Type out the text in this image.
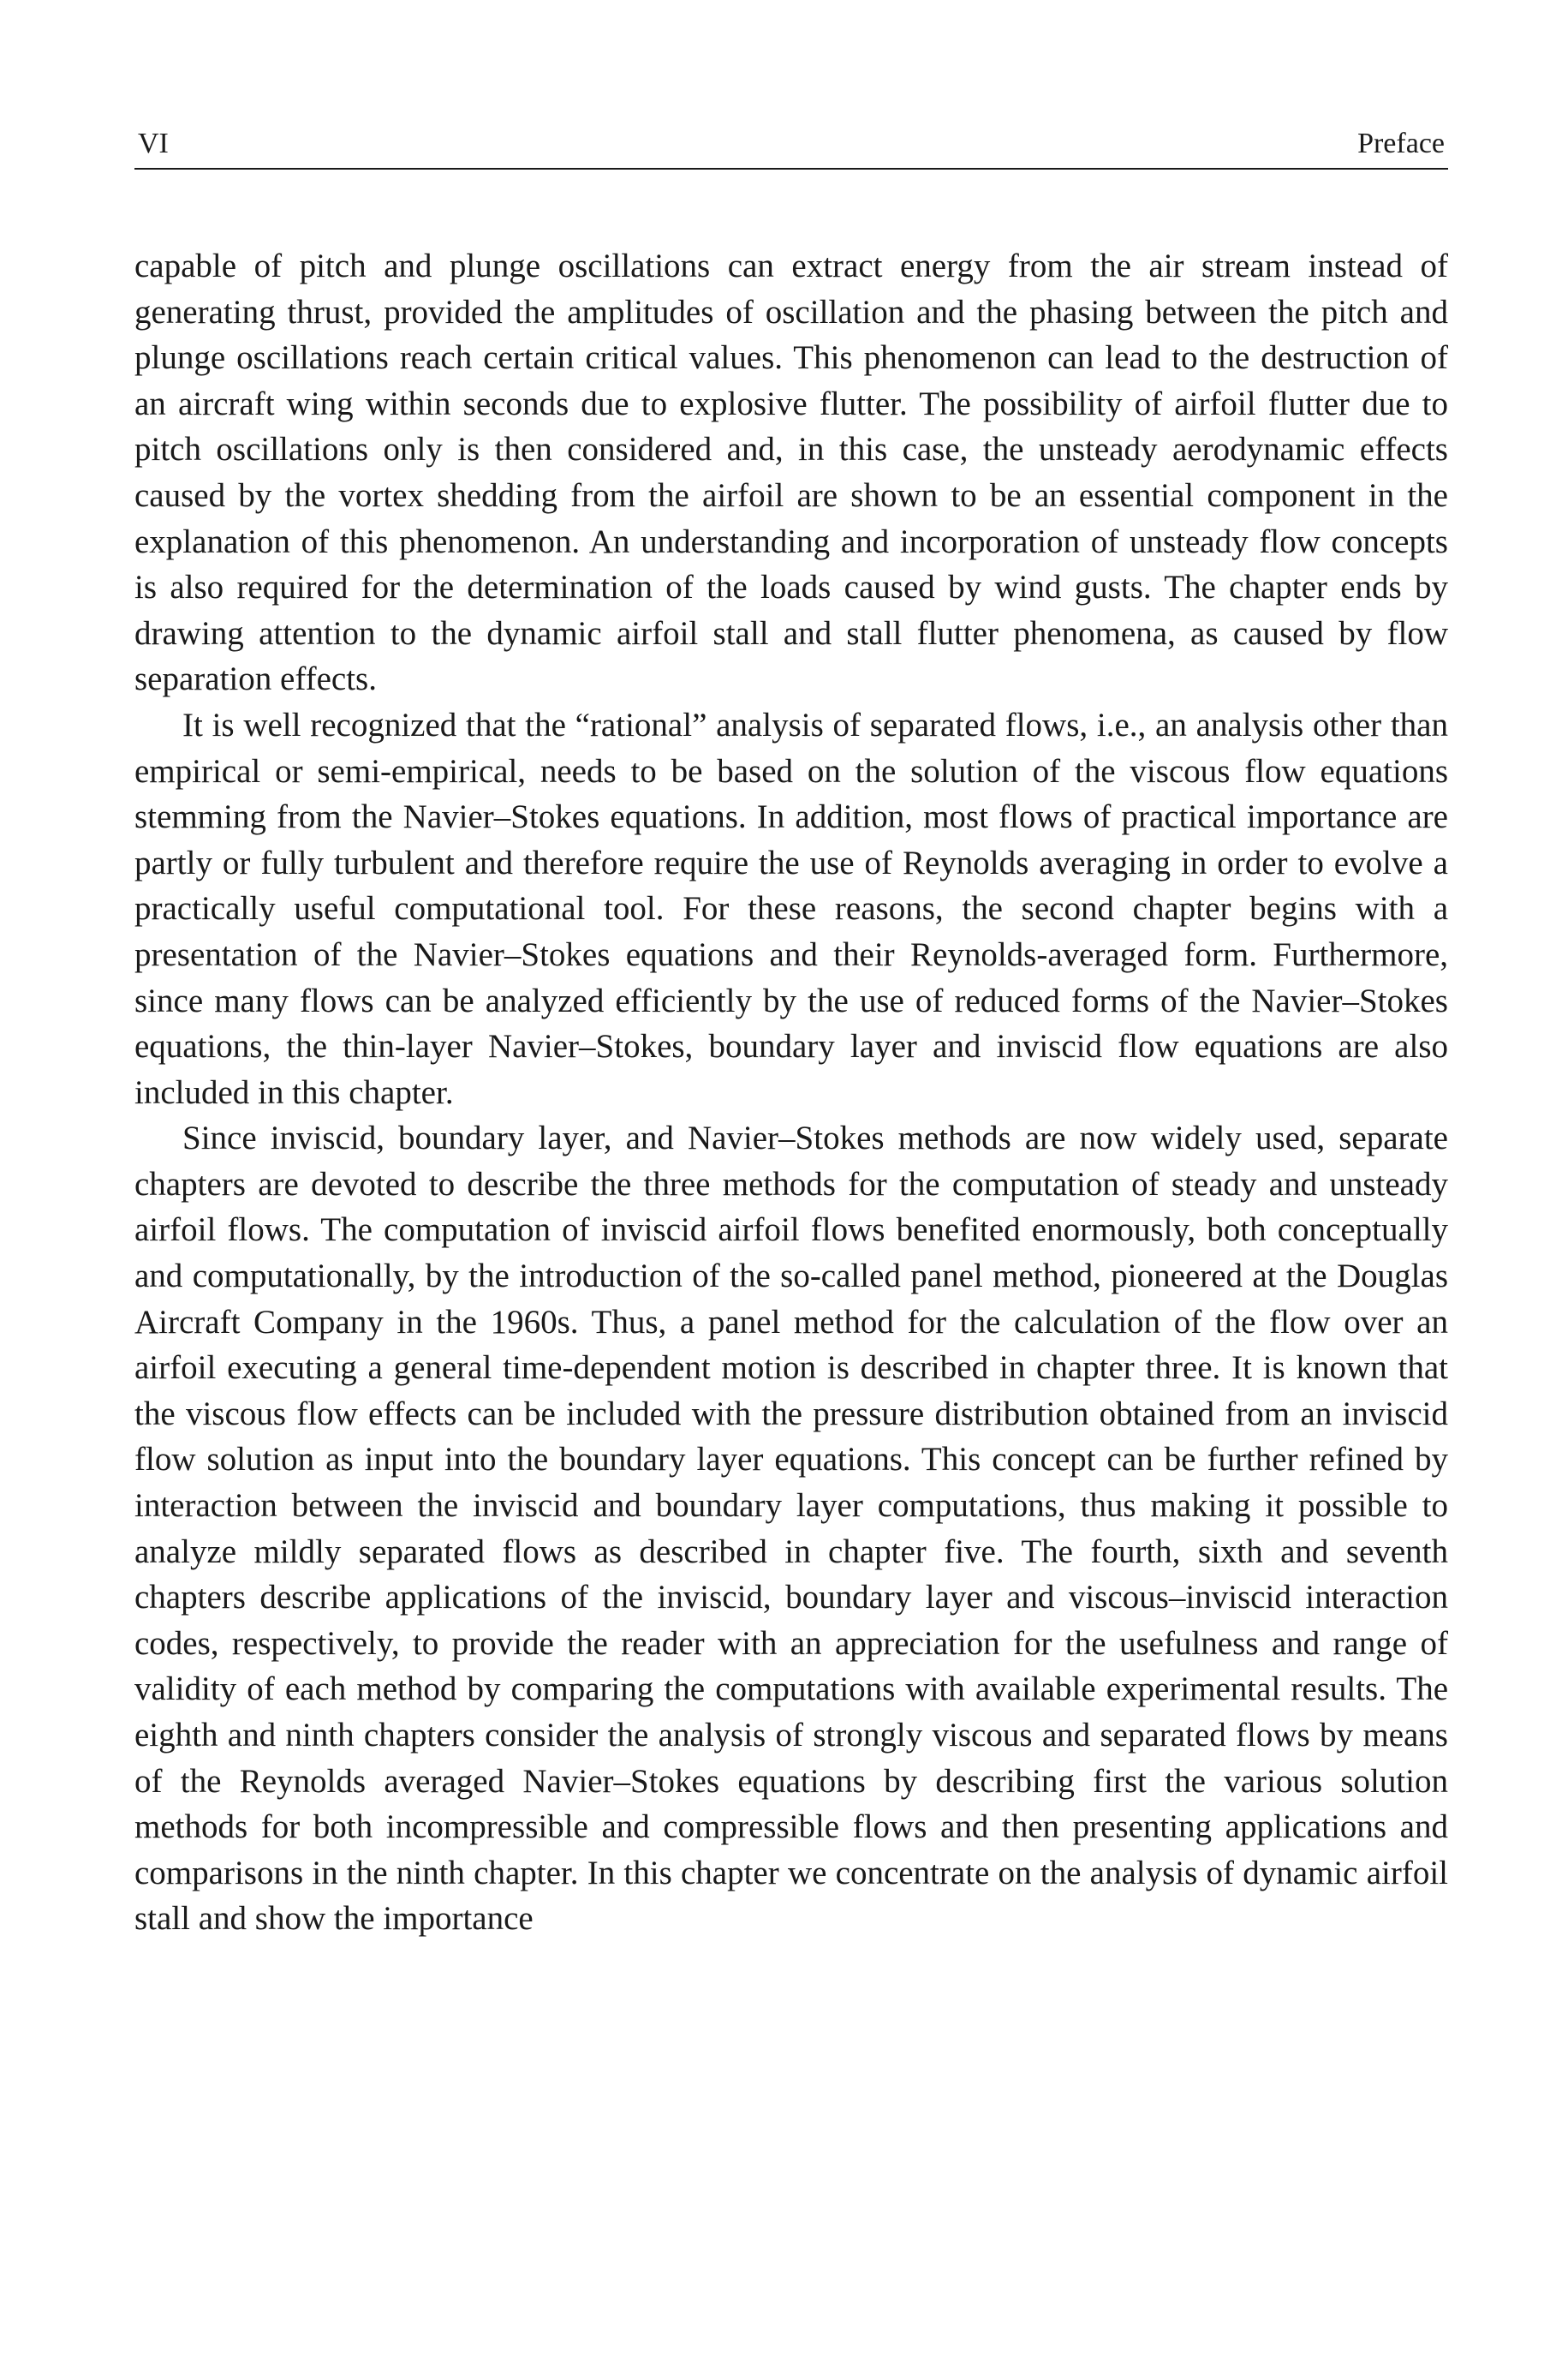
VI	Preface

capable of pitch and plunge oscillations can extract energy from the air stream instead of generating thrust, provided the amplitudes of oscillation and the phasing between the pitch and plunge oscillations reach certain critical values. This phenomenon can lead to the destruction of an aircraft wing within seconds due to explosive flutter. The possibility of airfoil flutter due to pitch oscillations only is then considered and, in this case, the unsteady aerodynamic effects caused by the vortex shedding from the airfoil are shown to be an essential component in the explanation of this phenomenon. An understanding and incorporation of unsteady flow concepts is also required for the determination of the loads caused by wind gusts. The chapter ends by drawing attention to the dynamic airfoil stall and stall flutter phenomena, as caused by flow separation effects.

It is well recognized that the “rational” analysis of separated flows, i.e., an analysis other than empirical or semi-empirical, needs to be based on the solution of the viscous flow equations stemming from the Navier–Stokes equations. In addition, most flows of practical importance are partly or fully turbulent and therefore require the use of Reynolds averaging in order to evolve a practically useful computational tool. For these reasons, the second chapter begins with a presentation of the Navier–Stokes equations and their Reynolds-averaged form. Furthermore, since many flows can be analyzed efficiently by the use of reduced forms of the Navier–Stokes equations, the thin-layer Navier–Stokes, boundary layer and inviscid flow equations are also included in this chapter.

Since inviscid, boundary layer, and Navier–Stokes methods are now widely used, separate chapters are devoted to describe the three methods for the computation of steady and unsteady airfoil flows. The computation of inviscid airfoil flows benefited enormously, both conceptually and computationally, by the introduction of the so-called panel method, pioneered at the Douglas Aircraft Company in the 1960s. Thus, a panel method for the calculation of the flow over an airfoil executing a general time-dependent motion is described in chapter three. It is known that the viscous flow effects can be included with the pressure distribution obtained from an inviscid flow solution as input into the boundary layer equations. This concept can be further refined by interaction between the inviscid and boundary layer computations, thus making it possible to analyze mildly separated flows as described in chapter five. The fourth, sixth and seventh chapters describe applications of the inviscid, boundary layer and viscous–inviscid interaction codes, respectively, to provide the reader with an appreciation for the usefulness and range of validity of each method by comparing the computations with available experimental results. The eighth and ninth chapters consider the analysis of strongly viscous and separated flows by means of the Reynolds averaged Navier–Stokes equations by describing first the various solution methods for both incompressible and compressible flows and then presenting applications and comparisons in the ninth chapter. In this chapter we concentrate on the analysis of dynamic airfoil stall and show the importance
